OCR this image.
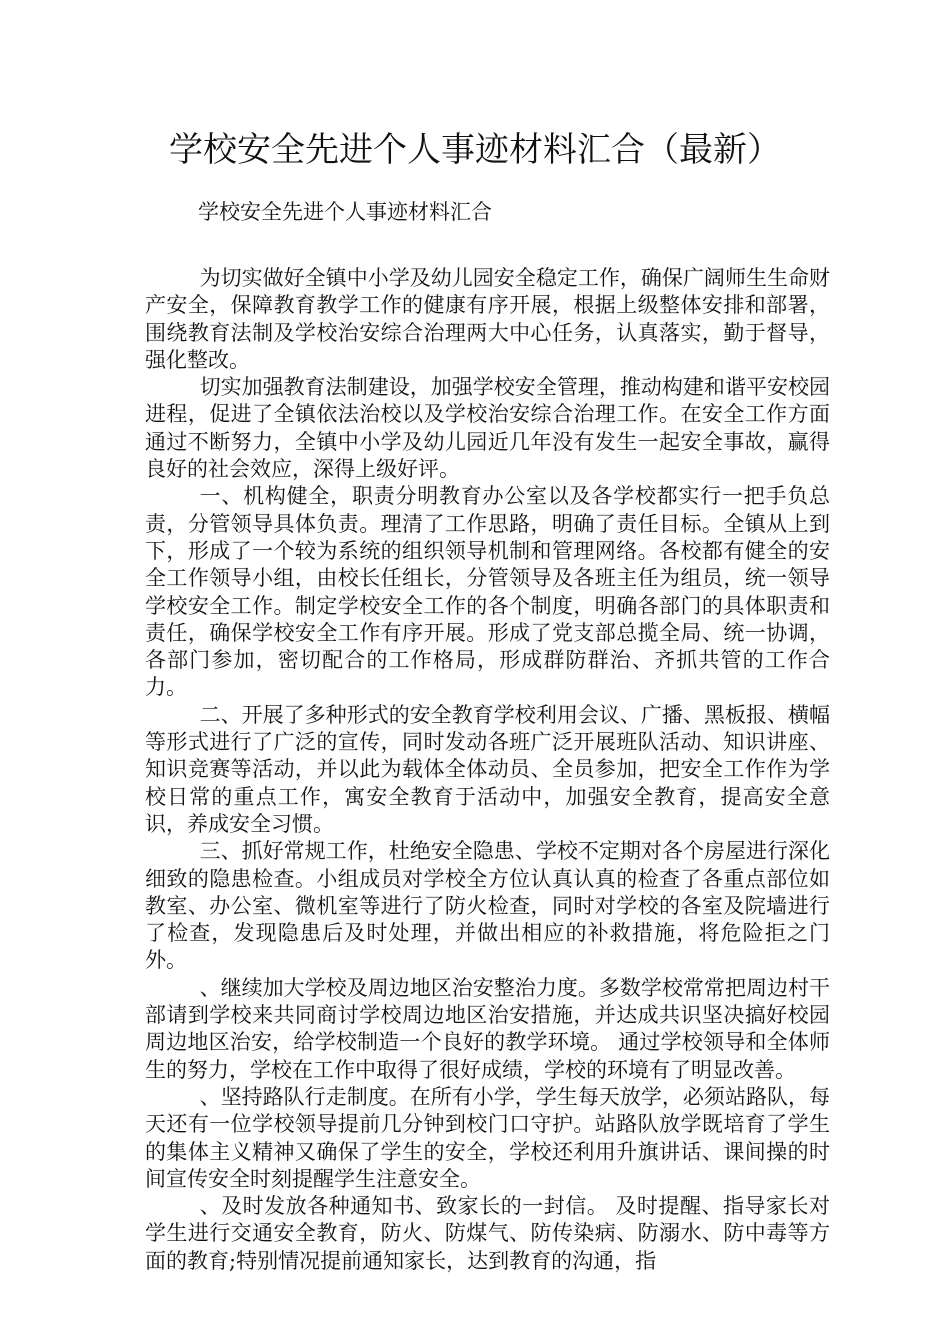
学校安全先进个人事迹材料汇合（最新）

学校安全先进个人事迹材料汇合

为切实做好全镇中小学及幼儿园安全稳定工作，确保广阔师生生命财产安全，保障教育教学工作的健康有序开展，根据上级整体安排和部署，围绕教育法制及学校治安综合治理两大中心任务，认真落实，勤于督导，强化整改。

切实加强教育法制建设，加强学校安全管理，推动构建和谐平安校园进程，促进了全镇依法治校以及学校治安综合治理工作。在安全工作方面通过不断努力，全镇中小学及幼儿园近几年没有发生一起安全事故，赢得良好的社会效应，深得上级好评。

一、机构健全，职责分明教育办公室以及各学校都实行一把手负总责，分管领导具体负责。理清了工作思路，明确了责任目标。全镇从上到下，形成了一个较为系统的组织领导机制和管理网络。各校都有健全的安全工作领导小组，由校长任组长，分管领导及各班主任为组员，统一领导学校安全工作。制定学校安全工作的各个制度，明确各部门的具体职责和责任，确保学校安全工作有序开展。形成了党支部总揽全局、统一协调，各部门参加，密切配合的工作格局，形成群防群治、齐抓共管的工作合力。

二、开展了多种形式的安全教育学校利用会议、广播、黑板报、横幅等形式进行了广泛的宣传，同时发动各班广泛开展班队活动、知识讲座、知识竞赛等活动，并以此为载体全体动员、全员参加，把安全工作作为学校日常的重点工作，寓安全教育于活动中，加强安全教育，提高安全意识，养成安全习惯。

三、抓好常规工作，杜绝安全隐患、学校不定期对各个房屋进行深化细致的隐患检查。小组成员对学校全方位认真认真的检查了各重点部位如教室、办公室、微机室等进行了防火检查，同时对学校的各室及院墙进行了检查，发现隐患后及时处理，并做出相应的补救措施，将危险拒之门外。

、继续加大学校及周边地区治安整治力度。多数学校常常把周边村干部请到学校来共同商讨学校周边地区治安措施，并达成共识坚决搞好校园周边地区治安，给学校制造一个良好的教学环境。 通过学校领导和全体师生的努力，学校在工作中取得了很好成绩，学校的环境有了明显改善。

、坚持路队行走制度。在所有小学，学生每天放学，必须站路队，每天还有一位学校领导提前几分钟到校门口守护。站路队放学既培育了学生的集体主义精神又确保了学生的安全，学校还利用升旗讲话、课间操的时间宣传安全时刻提醒学生注意安全。

、及时发放各种通知书、致家长的一封信。 及时提醒、指导家长对学生进行交通安全教育，防火、防煤气、防传染病、防溺水、防中毒等方面的教育;特别情况提前通知家长，达到教育的沟通，指
